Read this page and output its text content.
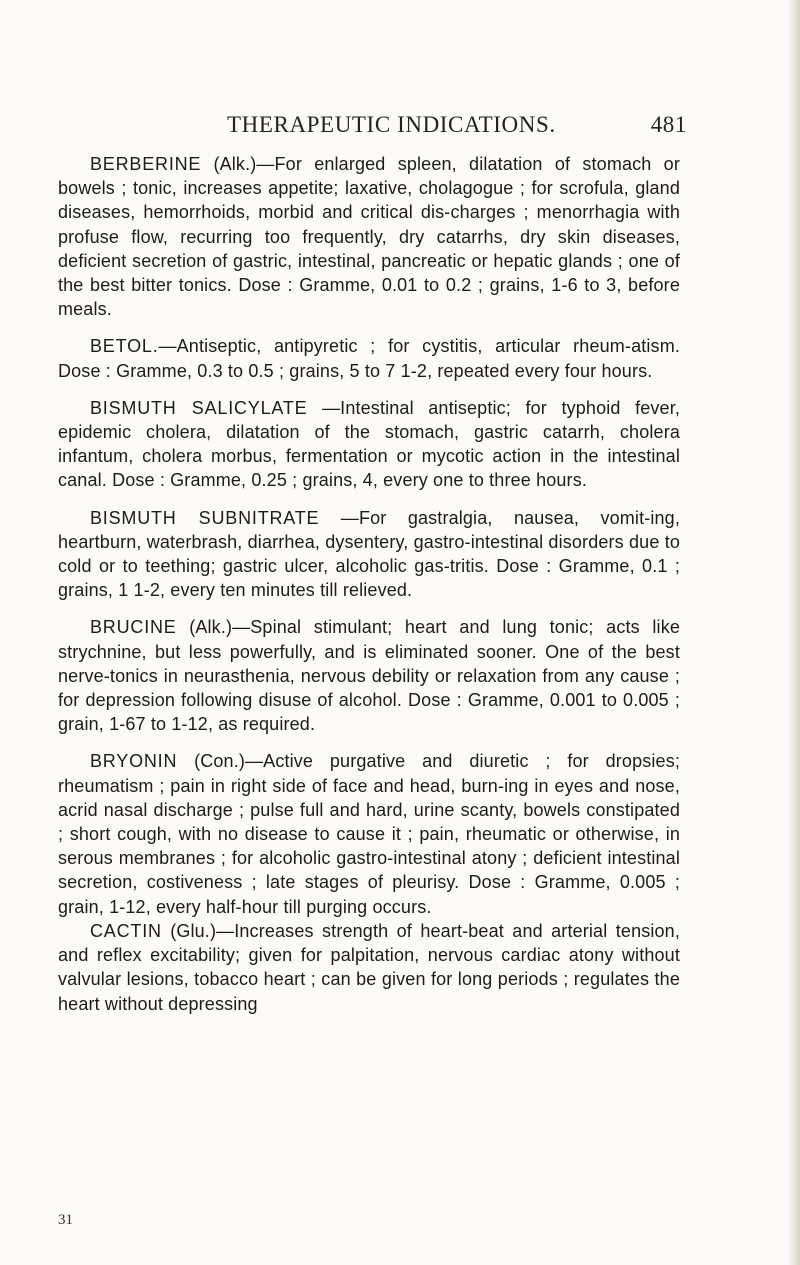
THERAPEUTIC INDICATIONS.	481

BERBERINE (Alk.)—For enlarged spleen, dilatation of stomach or bowels ; tonic, increases appetite; laxative, cholagogue ; for scrofula, gland diseases, hemorrhoids, morbid and critical dis-charges ; menorrhagia with profuse flow, recurring too frequently, dry catarrhs, dry skin diseases, deficient secretion of gastric, intestinal, pancreatic or hepatic glands ; one of the best bitter tonics. Dose : Gramme, 0.01 to 0.2 ; grains, 1-6 to 3, before meals.

BETOL.—Antiseptic, antipyretic ; for cystitis, articular rheum-atism. Dose : Gramme, 0.3 to 0.5 ; grains, 5 to 7 1-2, repeated every four hours.

BISMUTH SALICYLATE —Intestinal antiseptic; for typhoid fever, epidemic cholera, dilatation of the stomach, gastric catarrh, cholera infantum, cholera morbus, fermentation or mycotic action in the intestinal canal. Dose : Gramme, 0.25 ; grains, 4, every one to three hours.

BISMUTH SUBNITRATE —For gastralgia, nausea, vomit-ing, heartburn, waterbrash, diarrhea, dysentery, gastro-intestinal disorders due to cold or to teething; gastric ulcer, alcoholic gas-tritis. Dose : Gramme, 0.1 ; grains, 1 1-2, every ten minutes till relieved.

BRUCINE (Alk.)—Spinal stimulant; heart and lung tonic; acts like strychnine, but less powerfully, and is eliminated sooner. One of the best nerve-tonics in neurasthenia, nervous debility or relaxation from any cause ; for depression following disuse of alcohol. Dose : Gramme, 0.001 to 0.005 ; grain, 1-67 to 1-12, as required.

BRYONIN (Con.)—Active purgative and diuretic ; for dropsies; rheumatism ; pain in right side of face and head, burn-ing in eyes and nose, acrid nasal discharge ; pulse full and hard, urine scanty, bowels constipated ; short cough, with no disease to cause it ; pain, rheumatic or otherwise, in serous membranes ; for alcoholic gastro-intestinal atony ; deficient intestinal secretion, costiveness ; late stages of pleurisy. Dose : Gramme, 0.005 ; grain, 1-12, every half-hour till purging occurs.

CACTIN (Glu.)—Increases strength of heart-beat and arterial tension, and reflex excitability; given for palpitation, nervous cardiac atony without valvular lesions, tobacco heart ; can be given for long periods ; regulates the heart without depressing

31
